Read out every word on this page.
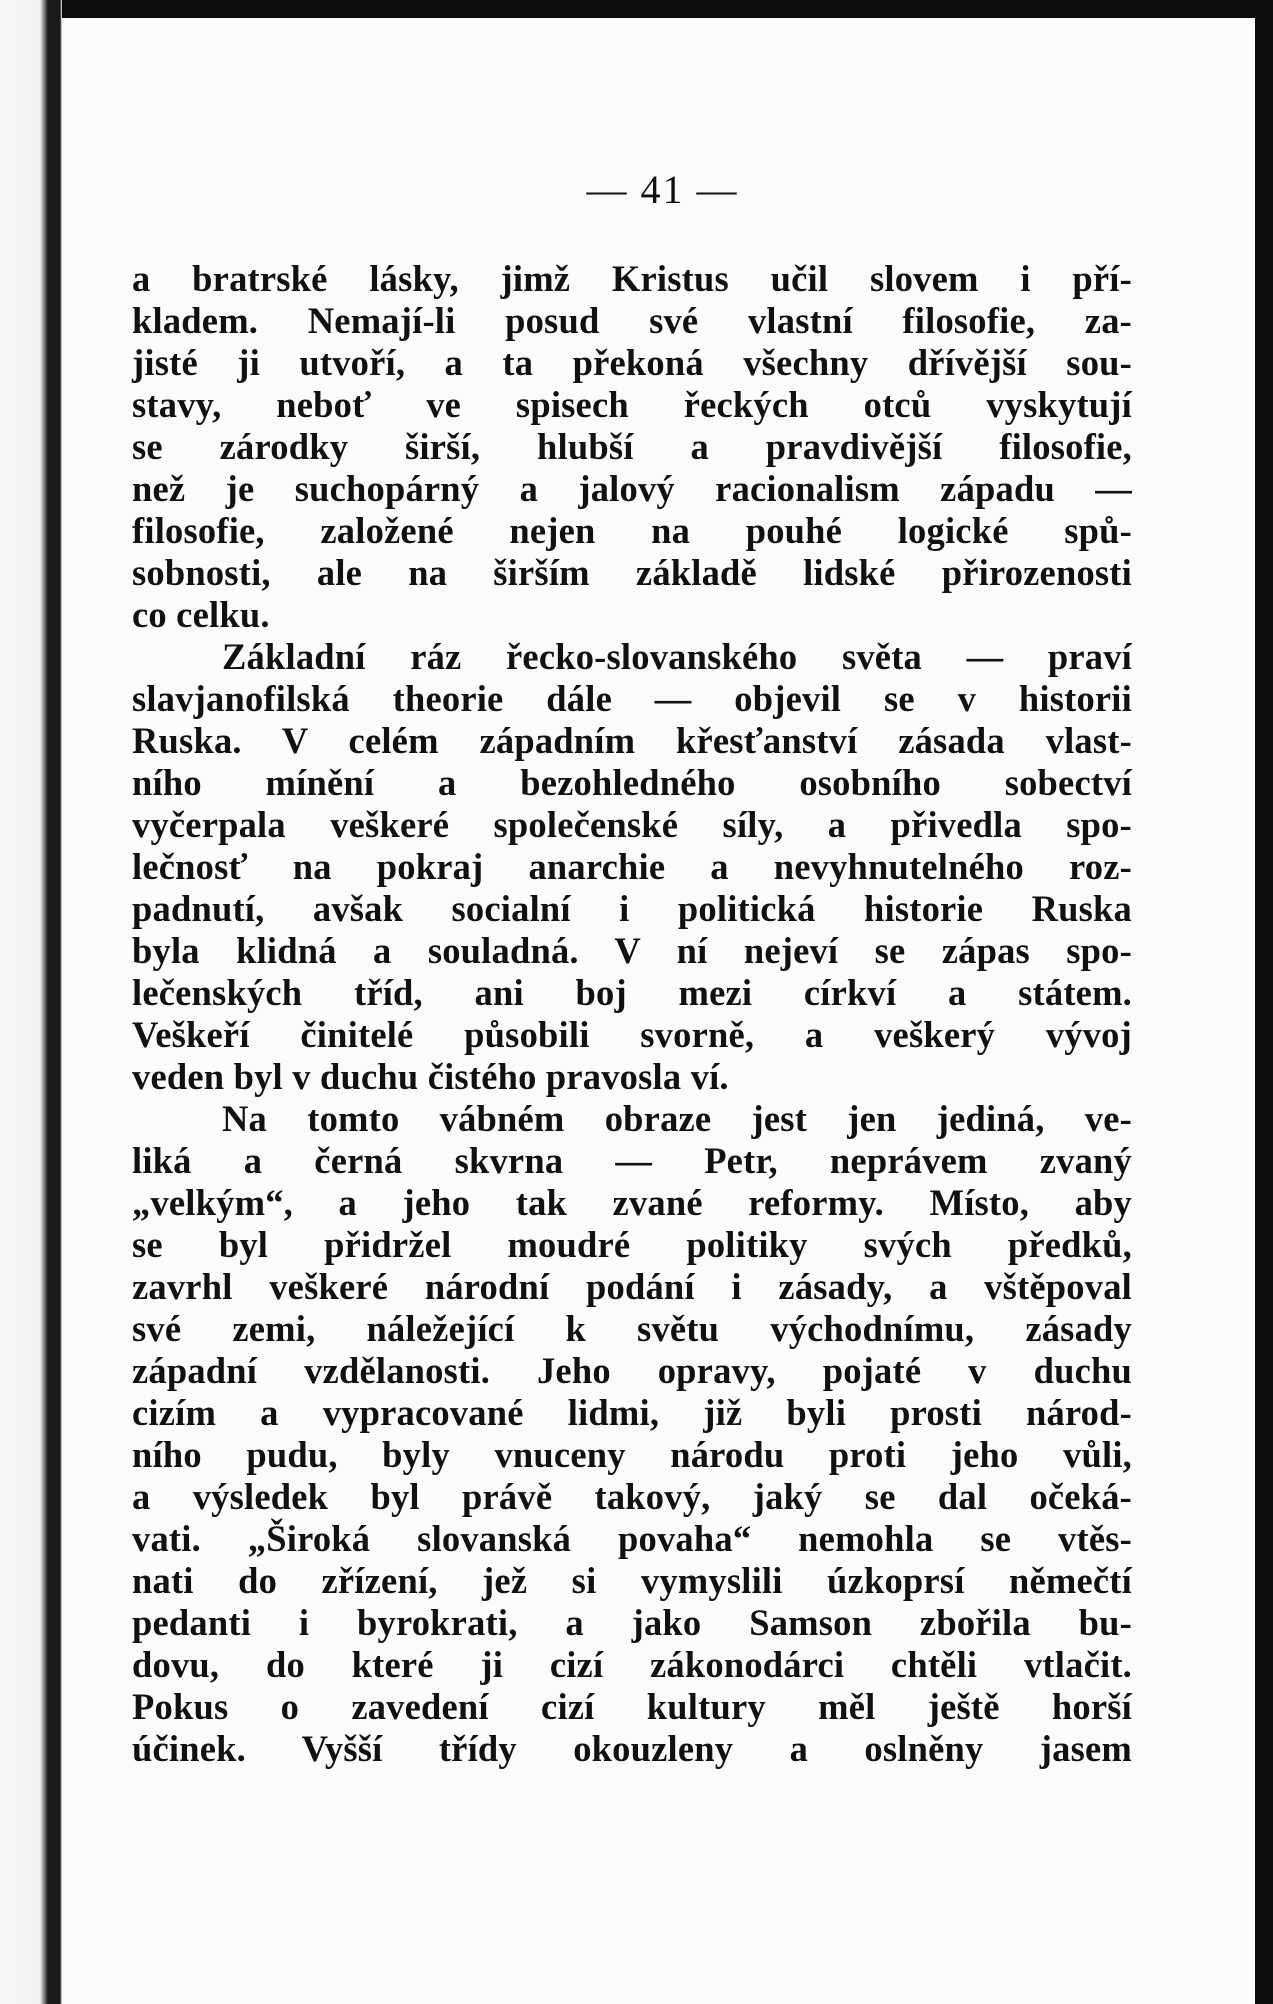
— 41 —
a bratrské lásky, jimž Kristus učil slovem i pří-
kladem. Nemají-li posud své vlastní filosofie, za-
jisté ji utvoří, a ta překoná všechny dřívější sou-
stavy, neboť ve spisech řeckých otců vyskytují
se zárodky širší, hlubší a pravdivější filosofie,
než je suchopárný a jalový racionalism západu —
filosofie, založené nejen na pouhé logické spů-
sobnosti, ale na širším základě lidské přirozenosti
co celku.
Základní ráz řecko-slovanského světa — praví
slavjanofilská theorie dále — objevil se v historii
Ruska. V celém západním křesťanství zásada vlast-
ního mínění a bezohledného osobního sobectví
vyčerpala veškeré společenské síly, a přivedla spo-
lečnosť na pokraj anarchie a nevyhnutelného roz-
padnutí, avšak socialní i politická historie Ruska
byla klidná a souladná. V ní nejeví se zápas spo-
lečenských tříd, ani boj mezi církví a státem.
Veškeří činitelé působili svorně, a veškerý vývoj
veden byl v duchu čistého pravosla ví.
Na tomto vábném obraze jest jen jediná, ve-
liká a černá skvrna — Petr, neprávem zvaný
„velkým“, a jeho tak zvané reformy. Místo, aby
se byl přidržel moudré politiky svých předků,
zavrhl veškeré národní podání i zásady, a vštěpoval
své zemi, náležející k světu východnímu, zásady
západní vzdělanosti. Jeho opravy, pojaté v duchu
cizím a vypracované lidmi, již byli prosti národ-
ního pudu, byly vnuceny národu proti jeho vůli,
a výsledek byl právě takový, jaký se dal očeká-
vati. „Široká slovanská povaha“ nemohla se vtěs-
nati do zřízení, jež si vymyslili úzkoprsí němečtí
pedanti i byrokrati, a jako Samson zbořila bu-
dovu, do které ji cizí zákonodárci chtěli vtlačit.
Pokus o zavedení cizí kultury měl ještě horší
účinek. Vyšší třídy okouzleny a oslněny jasem
